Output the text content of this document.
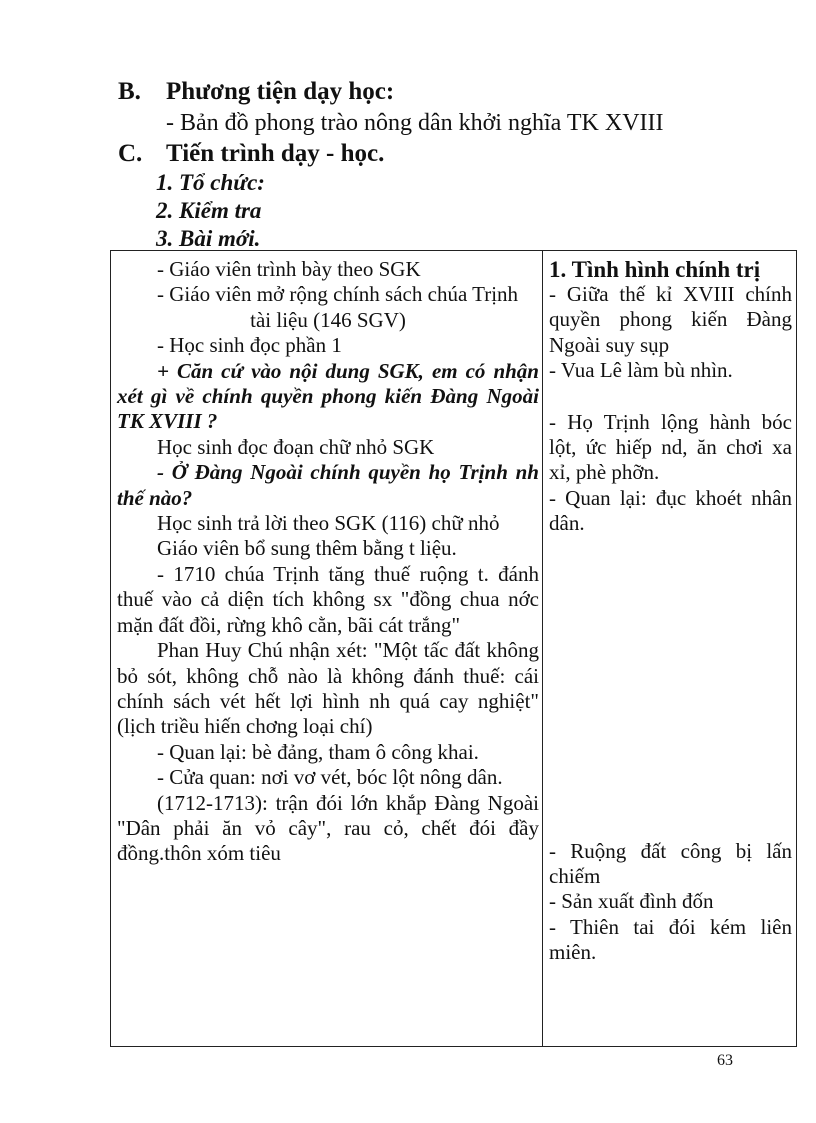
B. Phương tiện dạy học:
- Bản đồ phong trào nông dân khởi nghĩa TK XVIII
C. Tiến trình dạy - học.
1. Tổ chức:
2. Kiểm tra
3. Bài mới.

- Giáo viên trình bày theo SGK

- Giáo viên mở rộng chính sách chúa Trịnh

tài liệu (146 SGV)

- Học sinh đọc phần 1

+ Căn cứ vào nội dung SGK, em có nhận xét gì về chính quyền phong kiến Đàng Ngoài TK XVIII ?

Học sinh đọc đoạn chữ nhỏ SGK

- Ở Đàng Ngoài chính quyền họ Trịnh nh thế nào?

Học sinh trả lời theo SGK (116) chữ nhỏ

Giáo viên bổ sung thêm bằng t liệu.

- 1710 chúa Trịnh tăng thuế ruộng t. đánh thuế vào cả diện tích không sx "đồng chua nớc mặn đất đồi, rừng khô cằn, bãi cát trắng"

Phan Huy Chú nhận xét: "Một tấc đất không bỏ sót, không chỗ nào là không đánh thuế: cái chính sách vét hết lợi hình nh quá cay nghiệt" (lịch triều hiến chơng loại chí)

- Quan lại: bè đảng, tham ô công khai.

- Cửa quan: nơi vơ vét, bóc lột nông dân.

(1712-1713): trận đói lớn khắp Đàng Ngoài "Dân phải ăn vỏ cây", rau cỏ, chết đói đầy đồng.thôn xóm tiêu

1. Tình hình chính trị

- Giữa thế kỉ XVIII chính quyền phong kiến Đàng Ngoài suy sụp

- Vua Lê làm bù nhìn.

- Họ Trịnh lộng hành bóc lột, ức hiếp nd, ăn chơi xa xỉ, phè phỡn.

- Quan lại: đục khoét nhân dân.

- Ruộng đất công bị lấn chiếm

- Sản xuất đình đốn

- Thiên tai đói kém liên miên.

63
